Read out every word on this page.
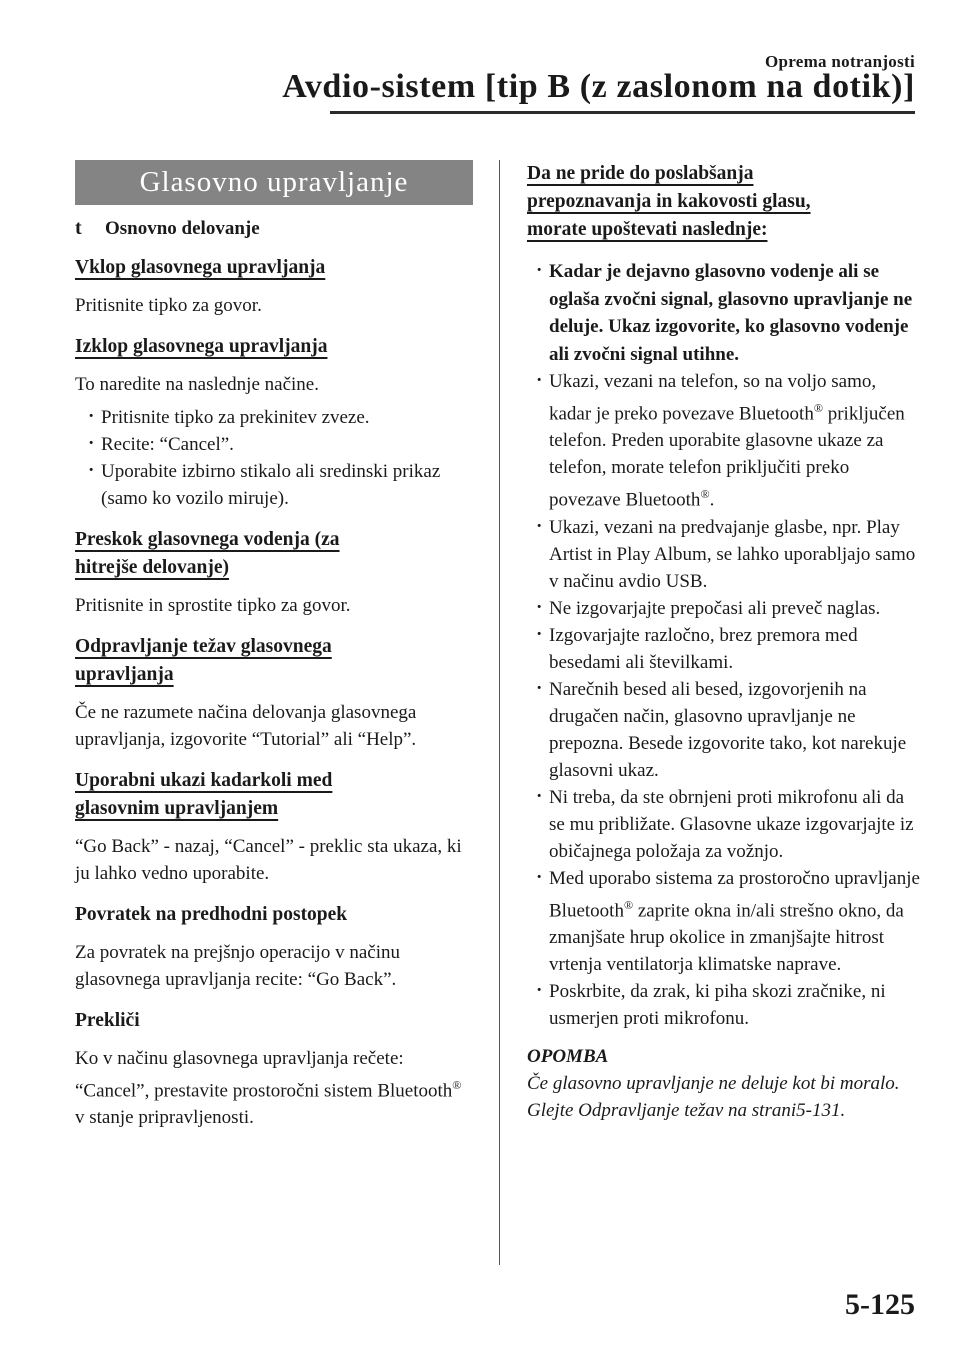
Oprema notranjosti
Avdio-sistem [tip B (z zaslonom na dotik)]
Glasovno upravljanje
t	Osnovno delovanje
Vklop glasovnega upravljanja

Pritisnite tipko za govor.

Izklop glasovnega upravljanja

To naredite na naslednje načine.

· Pritisnite tipko za prekinitev zveze.
· Recite: “Cancel”.
· Uporabite izbirno stikalo ali sredinski prikaz (samo ko vozilo miruje).
Preskok glasovnega vodenja (za
hitrejše delovanje)

Pritisnite in sprostite tipko za govor.

Odpravljanje težav glasovnega
upravljanja

Če ne razumete načina delovanja glasovnega upravljanja, izgovorite “Tutorial” ali “Help”.

Uporabni ukazi kadarkoli med
glasovnim upravljanjem

“Go Back” - nazaj, “Cancel” - preklic sta ukaza, ki ju lahko vedno uporabite.

Povratek na predhodni postopek

Za povratek na prejšnjo operacijo v načinu glasovnega upravljanja recite: “Go Back”.

Prekliči

Ko v načinu glasovnega upravljanja rečete: “Cancel”, prestavite prostoročni sistem Bluetooth® v stanje pripravljenosti.

Da ne pride do poslabšanja
prepoznavanja in kakovosti glasu,
morate upoštevati naslednje:
· Kadar je dejavno glasovno vodenje ali se oglaša zvočni signal, glasovno upravljanje ne deluje. Ukaz izgovorite, ko glasovno vodenje ali zvočni signal utihne.
· Ukazi, vezani na telefon, so na voljo samo, kadar je preko povezave Bluetooth® priključen telefon. Preden uporabite glasovne ukaze za telefon, morate telefon priključiti preko povezave Bluetooth®.
· Ukazi, vezani na predvajanje glasbe, npr. Play Artist in Play Album, se lahko uporabljajo samo v načinu avdio USB.
· Ne izgovarjajte prepočasi ali preveč naglas.
· Izgovarjajte razločno, brez premora med besedami ali številkami.
· Narečnih besed ali besed, izgovorjenih na drugačen način, glasovno upravljanje ne prepozna. Besede izgovorite tako, kot narekuje glasovni ukaz.
· Ni treba, da ste obrnjeni proti mikrofonu ali da se mu približate. Glasovne ukaze izgovarjajte iz običajnega položaja za vožnjo.
· Med uporabo sistema za prostoročno upravljanje Bluetooth® zaprite okna in/ali strešno okno, da zmanjšate hrup okolice in zmanjšajte hitrost vrtenja ventilatorja klimatske naprave.
· Poskrbite, da zrak, ki piha skozi zračnike, ni usmerjen proti mikrofonu.
OPOMBA
Če glasovno upravljanje ne deluje kot bi moralo. Glejte Odpravljanje težav na strani5-131.
5-125
